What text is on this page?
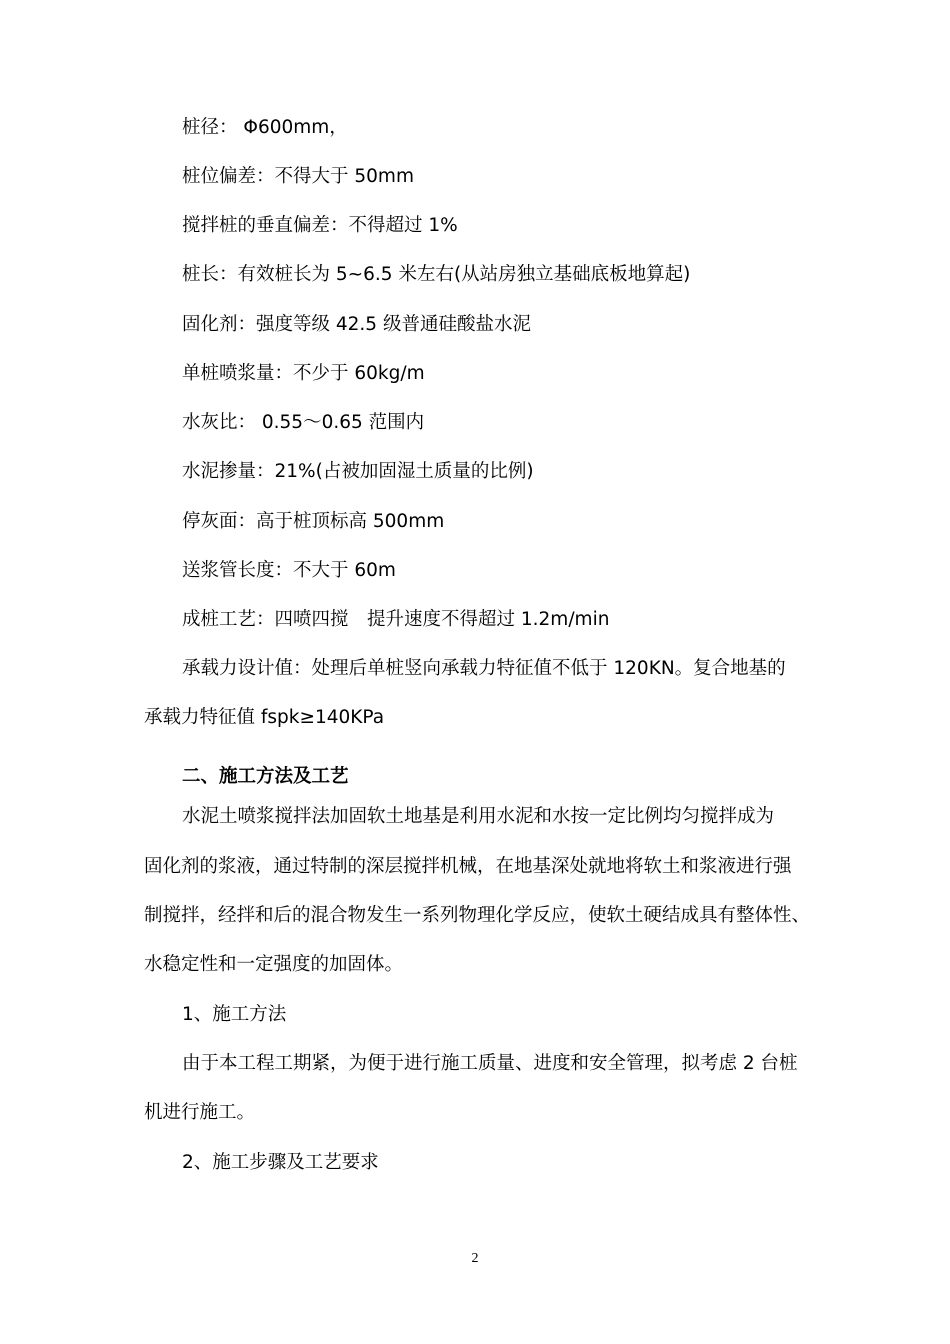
桩径： Φ600mm，
桩位偏差：不得大于 50mm
搅拌桩的垂直偏差：不得超过 1%
桩长：有效桩长为 5~6.5 米左右(从站房独立基础底板地算起)
固化剂：强度等级 42.5 级普通硅酸盐水泥
单桩喷浆量：不少于 60kg/m
水灰比： 0.55～0.65 范围内
水泥掺量：21%(占被加固湿土质量的比例)
停灰面：高于桩顶标高 500mm
送浆管长度：不大于 60m
成桩工艺：四喷四搅　提升速度不得超过 1.2m/min
承载力设计值：处理后单桩竖向承载力特征值不低于 120KN。复合地基的
承载力特征值 fspk≥140KPa
二、施工方法及工艺
水泥土喷浆搅拌法加固软土地基是利用水泥和水按一定比例均匀搅拌成为
固化剂的浆液，通过特制的深层搅拌机械，在地基深处就地将软土和浆液进行强
制搅拌，经拌和后的混合物发生一系列物理化学反应，使软土硬结成具有整体性、
水稳定性和一定强度的加固体。
1、施工方法
由于本工程工期紧，为便于进行施工质量、进度和安全管理，拟考虑 2 台桩
机进行施工。
2、施工步骤及工艺要求
2
